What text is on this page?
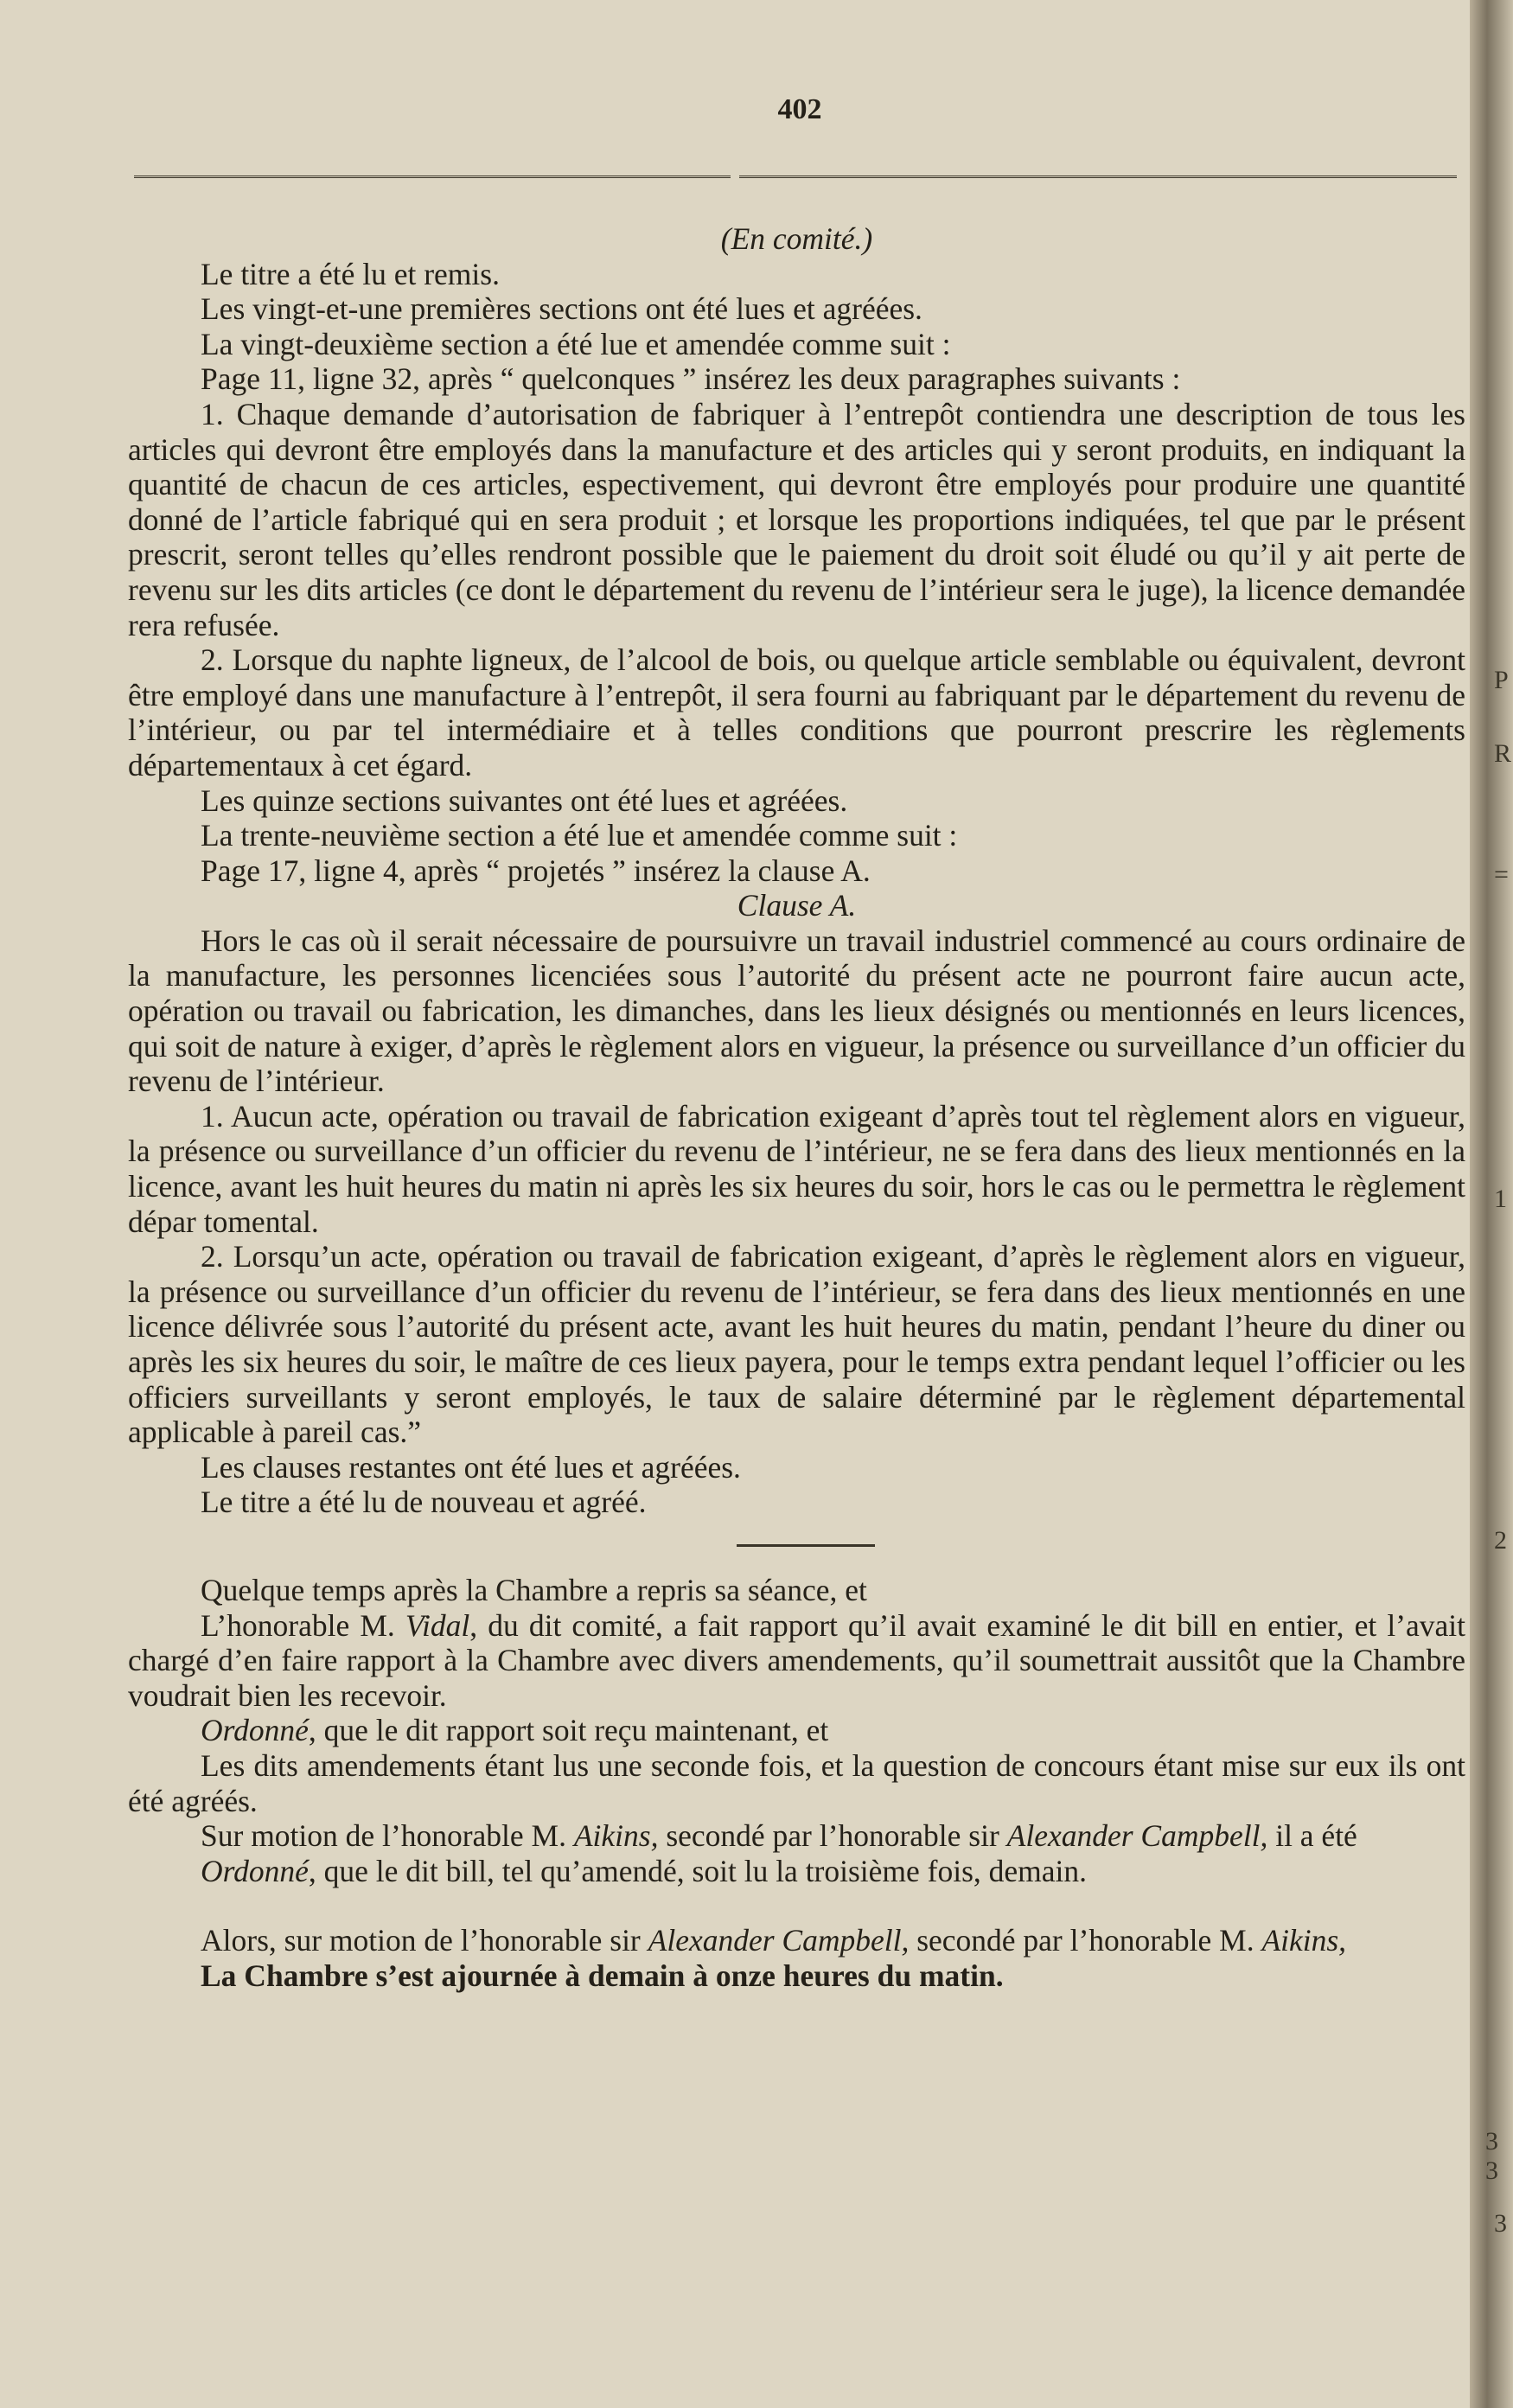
402

(En comité.)

Le titre a été lu et remis.

Les vingt-et-une premières sections ont été lues et agréées.

La vingt-deuxième section a été lue et amendée comme suit :

Page 11, ligne 32, après “ quelconques ” insérez les deux paragraphes suivants :

1. Chaque demande d’autorisation de fabriquer à l’entrepôt contiendra une description de tous les articles qui devront être employés dans la manufacture et des articles qui y seront produits, en indiquant la quantité de chacun de ces articles, espectivement, qui devront être employés pour produire une quantité donné de l’article fabriqué qui en sera produit ; et lorsque les proportions indiquées, tel que par le présent prescrit, seront telles qu’elles rendront possible que le paiement du droit soit éludé ou qu’il y ait perte de revenu sur les dits articles (ce dont le département du revenu de l’intérieur sera le juge), la licence demandée rera refusée.

2. Lorsque du naphte ligneux, de l’alcool de bois, ou quelque article semblable ou équivalent, devront être employé dans une manufacture à l’entrepôt, il sera fourni au fabriquant par le département du revenu de l’intérieur, ou par tel intermédiaire et à telles conditions que pourront prescrire les règlements départementaux à cet égard.

Les quinze sections suivantes ont été lues et agréées.

La trente-neuvième section a été lue et amendée comme suit :

Page 17, ligne 4, après “ projetés ” insérez la clause A.

Clause A.

Hors le cas où il serait nécessaire de poursuivre un travail industriel commencé au cours ordinaire de la manufacture, les personnes licenciées sous l’autorité du présent acte ne pourront faire aucun acte, opération ou travail ou fabrication, les dimanches, dans les lieux désignés ou mentionnés en leurs licences, qui soit de nature à exiger, d’après le règlement alors en vigueur, la présence ou surveillance d’un officier du revenu de l’intérieur.

1. Aucun acte, opération ou travail de fabrication exigeant d’après tout tel règlement alors en vigueur, la présence ou surveillance d’un officier du revenu de l’intérieur, ne se fera dans des lieux mentionnés en la licence, avant les huit heures du matin ni après les six heures du soir, hors le cas ou le permettra le règlement dépar tomental.

2. Lorsqu’un acte, opération ou travail de fabrication exigeant, d’après le règlement alors en vigueur, la présence ou surveillance d’un officier du revenu de l’intérieur, se fera dans des lieux mentionnés en une licence délivrée sous l’autorité du présent acte, avant les huit heures du matin, pendant l’heure du diner ou après les six heures du soir, le maître de ces lieux payera, pour le temps extra pendant lequel l’officier ou les officiers surveillants y seront employés, le taux de salaire déterminé par le règlement départemental applicable à pareil cas.”

Les clauses restantes ont été lues et agréées.

Le titre a été lu de nouveau et agréé.

Quelque temps après la Chambre a repris sa séance, et

L’honorable M. Vidal, du dit comité, a fait rapport qu’il avait examiné le dit bill en entier, et l’avait chargé d’en faire rapport à la Chambre avec divers amendements, qu’il soumettrait aussitôt que la Chambre voudrait bien les recevoir.

Ordonné, que le dit rapport soit reçu maintenant, et

Les dits amendements étant lus une seconde fois, et la question de concours étant mise sur eux ils ont été agréés.

Sur motion de l’honorable M. Aikins, secondé par l’honorable sir Alexander Campbell, il a été

Ordonné, que le dit bill, tel qu’amendé, soit lu la troisième fois, demain.

Alors, sur motion de l’honorable sir Alexander Campbell, secondé par l’honorable M. Aikins,

La Chambre s’est ajournée à demain à onze heures du matin.

P
R
=
1
2
3 3
3
